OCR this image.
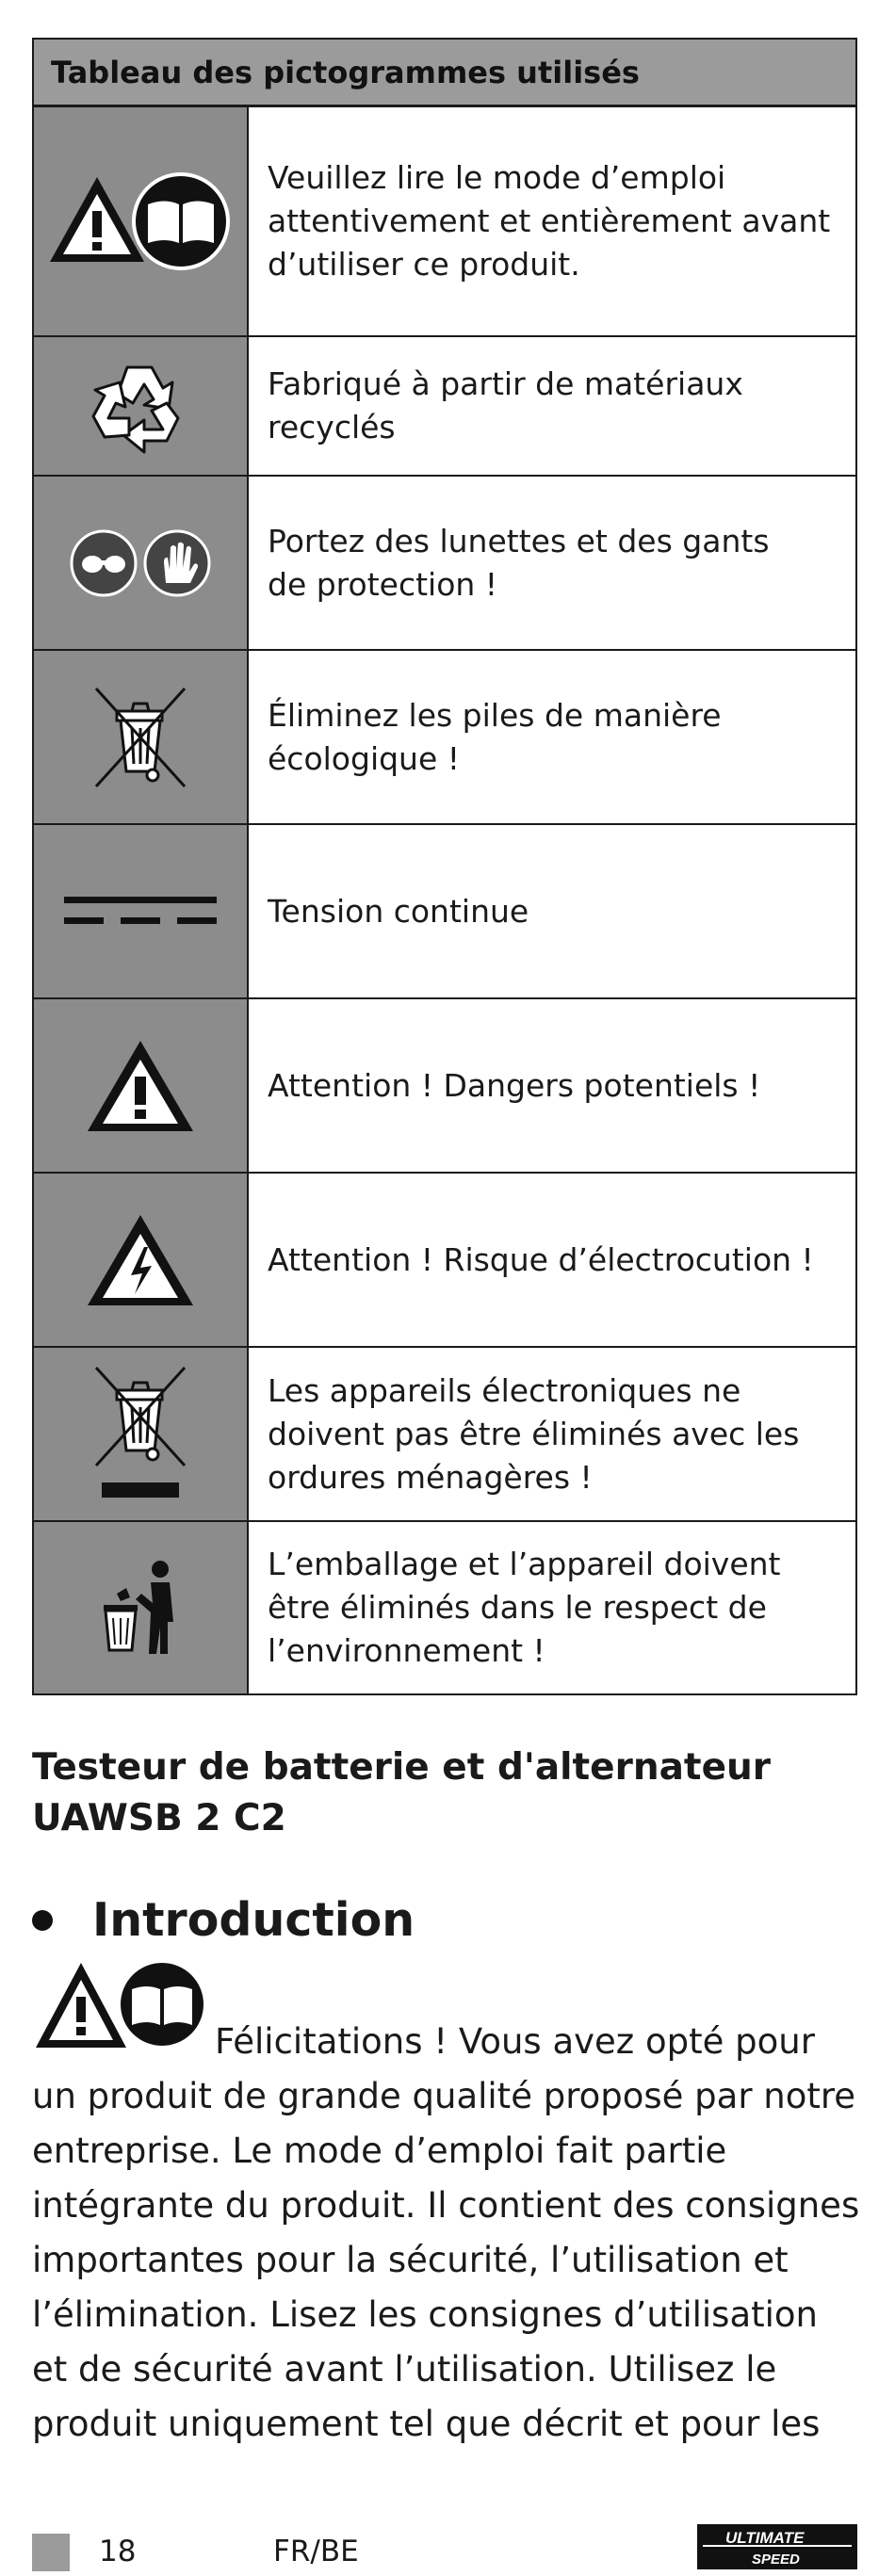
Tableau des pictogrammes utilisés
Veuillez lire le mode d’emploi
attentivement et entièrement avant
d’utiliser ce produit.
Fabriqué à partir de matériaux
recyclés
Portez des lunettes et des gants
de protection !
Éliminez les piles de manière
écologique !
Tension continue
Attention ! Dangers potentiels !
Attention ! Risque d’électrocution !
Les appareils électroniques ne
doivent pas être éliminés avec les
ordures ménagères !
L’emballage et l’appareil doivent
être éliminés dans le respect de
l’environnement !
Testeur de batterie et d'alternateur
UAWSB 2 C2
Introduction
Félicitations ! Vous avez opté pour un produit de grande qualité proposé par notre entreprise. Le mode d’emploi fait partie intégrante du produit. Il contient des consignes importantes pour la sécurité, l’utilisation et l’élimination. Lisez les consignes d’utilisation et de sécurité avant l’utilisation. Utilisez le produit uniquement tel que décrit et pour les
18	FR/BE	ULTIMATE
SPEED
